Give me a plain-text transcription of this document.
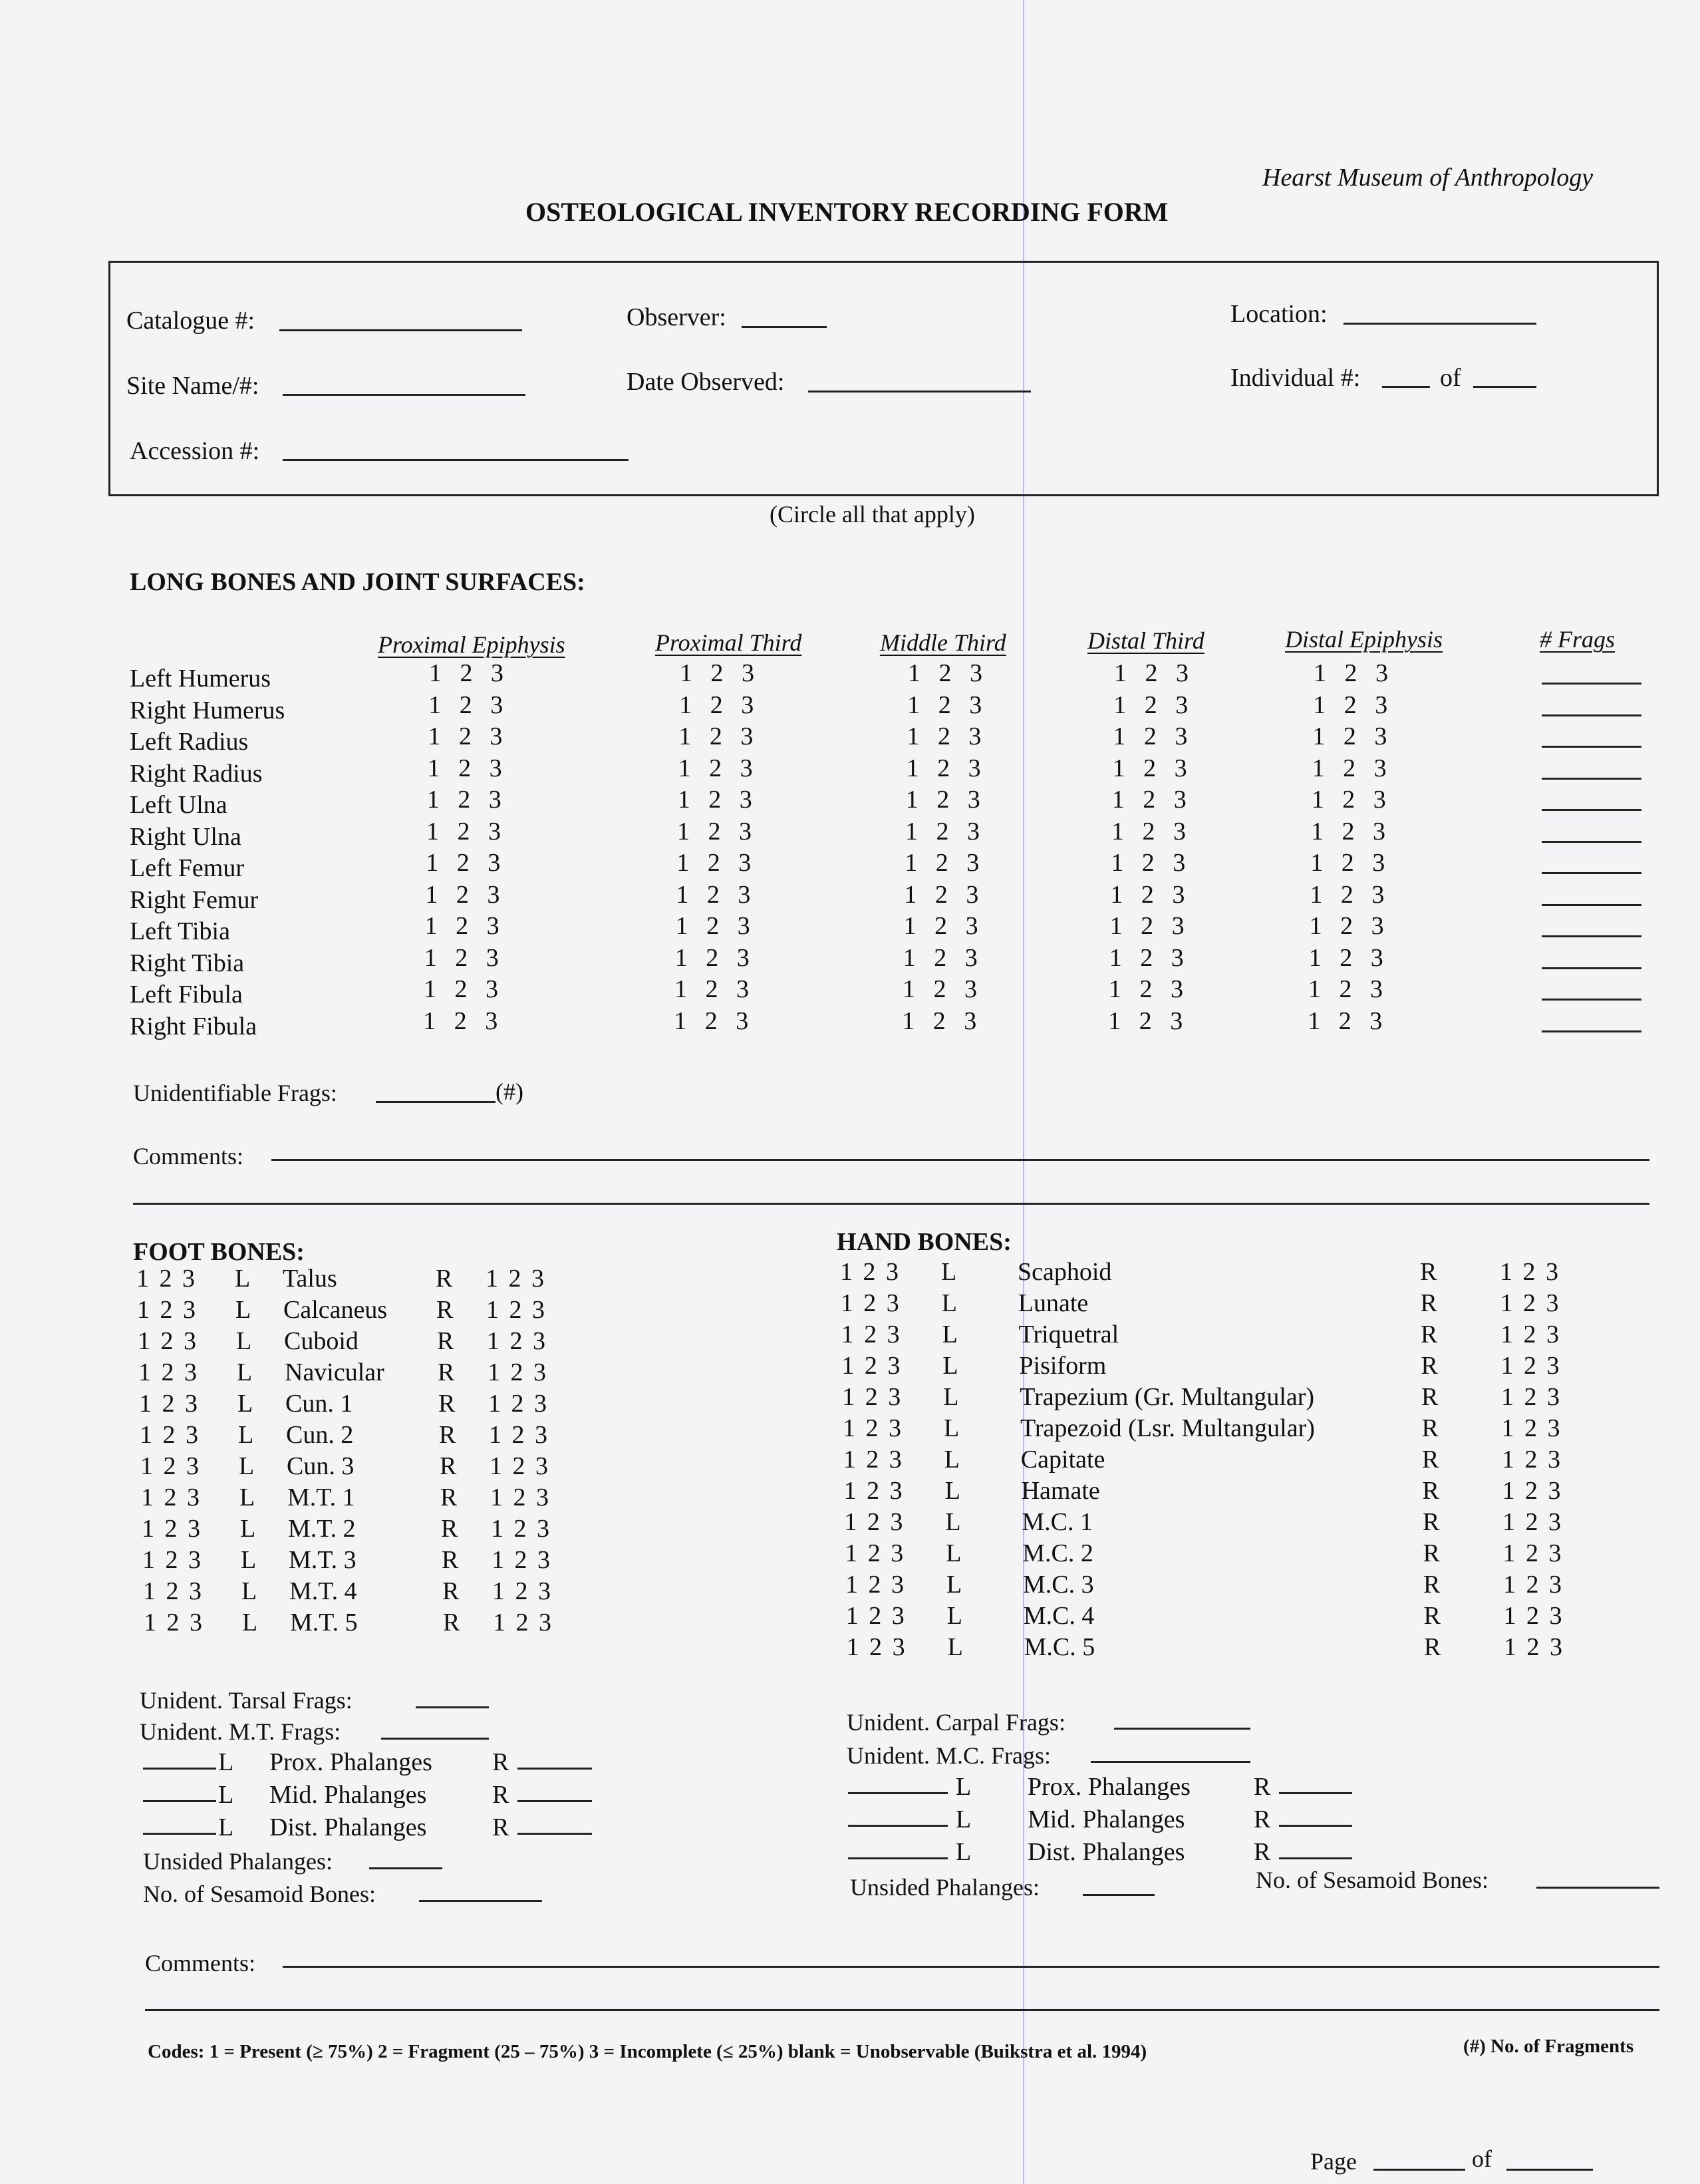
Hearst Museum of Anthropology
OSTEOLOGICAL INVENTORY RECORDING FORM
Catalogue #:
Site Name/#:
Accession #:
Observer:
Date Observed:
Location:
Individual #:	of
(Circle all that apply)
LONG BONES AND JOINT SURFACES:
Proximal Epiphysis	Proximal Third	Middle Third	Distal Third	Distal Epiphysis	# Frags
Left Humerus	1 2 3	1 2 3	1 2 3	1 2 3	1 2 3
Right Humerus	1 2 3	1 2 3	1 2 3	1 2 3	1 2 3
Left Radius	1 2 3	1 2 3	1 2 3	1 2 3	1 2 3
Right Radius	1 2 3	1 2 3	1 2 3	1 2 3	1 2 3
Left Ulna	1 2 3	1 2 3	1 2 3	1 2 3	1 2 3
Right Ulna	1 2 3	1 2 3	1 2 3	1 2 3	1 2 3
Left Femur	1 2 3	1 2 3	1 2 3	1 2 3	1 2 3
Right Femur	1 2 3	1 2 3	1 2 3	1 2 3	1 2 3
Left Tibia	1 2 3	1 2 3	1 2 3	1 2 3	1 2 3
Right Tibia	1 2 3	1 2 3	1 2 3	1 2 3	1 2 3
Left Fibula	1 2 3	1 2 3	1 2 3	1 2 3	1 2 3
Right Fibula	1 2 3	1 2 3	1 2 3	1 2 3	1 2 3
Unidentifiable Frags:	(#)
Comments:
FOOT BONES:
1 2 3 L Talus	R 1 2 3
1 2 3 L Calcaneus R 1 2 3
1 2 3 L Cuboid	R 1 2 3
1 2 3 L Navicular R 1 2 3
1 2 3 L Cun. 1	R 1 2 3
1 2 3 L Cun. 2	R 1 2 3
1 2 3 L Cun. 3	R 1 2 3
1 2 3 L M.T. 1	R 1 2 3
1 2 3 L M.T. 2	R 1 2 3
1 2 3 L M.T. 3	R 1 2 3
1 2 3 L M.T. 4	R 1 2 3
1 2 3 L M.T. 5	R 1 2 3
Unident. Tarsal Frags:
Unident. M.T. Frags:
L Prox. Phalanges R
L Mid. Phalanges	R
L Dist. Phalanges	R
Unsided Phalanges:
No. of Sesamoid Bones:
HAND BONES:
1 2 3 L Scaphoid	R 1 2 3
1 2 3 L Lunate	R 1 2 3
1 2 3 L Triquetral	R 1 2 3
1 2 3 L Pisiform	R 1 2 3
1 2 3 L Trapezium (Gr. Multangular)	R 1 2 3
1 2 3 L Trapezoid (Lsr. Multangular)	R 1 2 3
1 2 3 L Capitate	R 1 2 3
1 2 3 L Hamate	R 1 2 3
1 2 3 L M.C. 1	R 1 2 3
1 2 3 L M.C. 2	R 1 2 3
1 2 3 L M.C. 3	R 1 2 3
1 2 3 L M.C. 4	R 1 2 3
1 2 3 L M.C. 5	R 1 2 3
Unident. Carpal Frags:
Unident. M.C. Frags:
L Prox. Phalanges	R
L Mid. Phalanges	R
L Dist. Phalanges	R
Unsided Phalanges:	No. of Sesamoid Bones:
Comments:
Codes: 1 = Present (≥ 75%) 2 = Fragment (25 – 75%) 3 = Incomplete (≤ 25%) blank = Unobservable (Buikstra et al. 1994)	(#) No. of Fragments
Page	of
